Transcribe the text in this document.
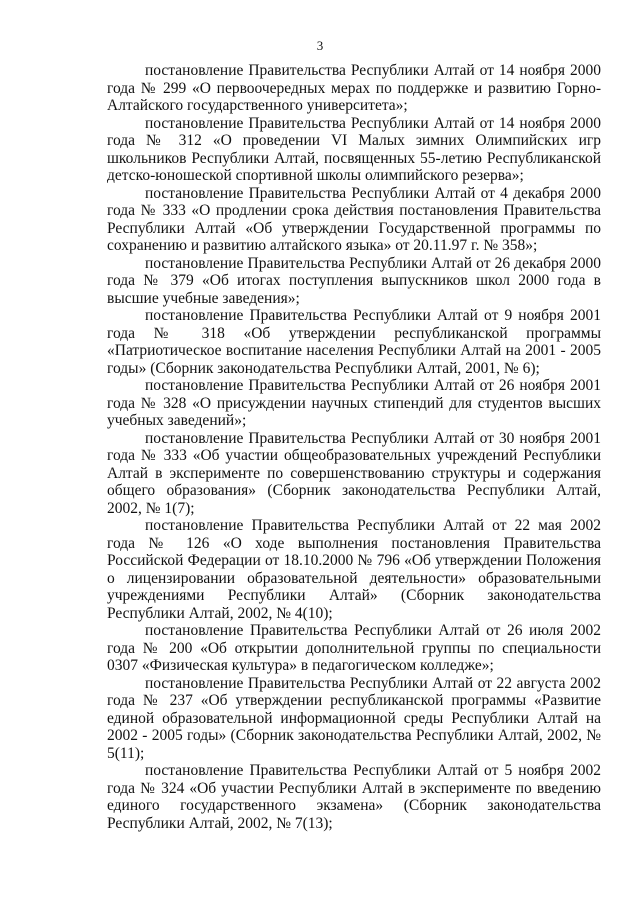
3

постановление Правительства Республики Алтай от 14 ноября 2000 года № 299 «О первоочередных мерах по поддержке и развитию Горно-Алтайского государственного университета»;

постановление Правительства Республики Алтай от 14 ноября 2000 года № 312 «О проведении VI Малых зимних Олимпийских игр школьников Республики Алтай, посвященных 55-летию Республиканской детско-юношеской спортивной школы олимпийского резерва»;

постановление Правительства Республики Алтай от 4 декабря 2000 года № 333 «О продлении срока действия постановления Правительства Республики Алтай «Об утверждении Государственной программы по сохранению и развитию алтайского языка» от 20.11.97 г. № 358»;

постановление Правительства Республики Алтай от 26 декабря 2000 года № 379 «Об итогах поступления выпускников школ 2000 года в высшие учебные заведения»;

постановление Правительства Республики Алтай от 9 ноября 2001 года № 318 «Об утверждении республиканской программы «Патриотическое воспитание населения Республики Алтай на 2001 - 2005 годы» (Сборник законодательства Республики Алтай, 2001, № 6);

постановление Правительства Республики Алтай от 26 ноября 2001 года № 328 «О присуждении научных стипендий для студентов высших учебных заведений»;

постановление Правительства Республики Алтай от 30 ноября 2001 года № 333 «Об участии общеобразовательных учреждений Республики Алтай в эксперименте по совершенствованию структуры и содержания общего образования» (Сборник законодательства Республики Алтай, 2002, № 1(7);

постановление Правительства Республики Алтай от 22 мая 2002 года № 126 «О ходе выполнения постановления Правительства Российской Федерации от 18.10.2000 № 796 «Об утверждении Положения о лицензировании образовательной деятельности» образовательными учреждениями Республики Алтай» (Сборник законодательства Республики Алтай, 2002, № 4(10);

постановление Правительства Республики Алтай от 26 июля 2002 года № 200 «Об открытии дополнительной группы по специальности 0307 «Физическая культура» в педагогическом колледже»;

постановление Правительства Республики Алтай от 22 августа 2002 года № 237 «Об утверждении республиканской программы «Развитие единой образовательной информационной среды Республики Алтай на 2002 - 2005 годы» (Сборник законодательства Республики Алтай, 2002, № 5(11);

постановление Правительства Республики Алтай от 5 ноября 2002 года № 324 «Об участии Республики Алтай в эксперименте по введению единого государственного экзамена» (Сборник законодательства Республики Алтай, 2002, № 7(13);
